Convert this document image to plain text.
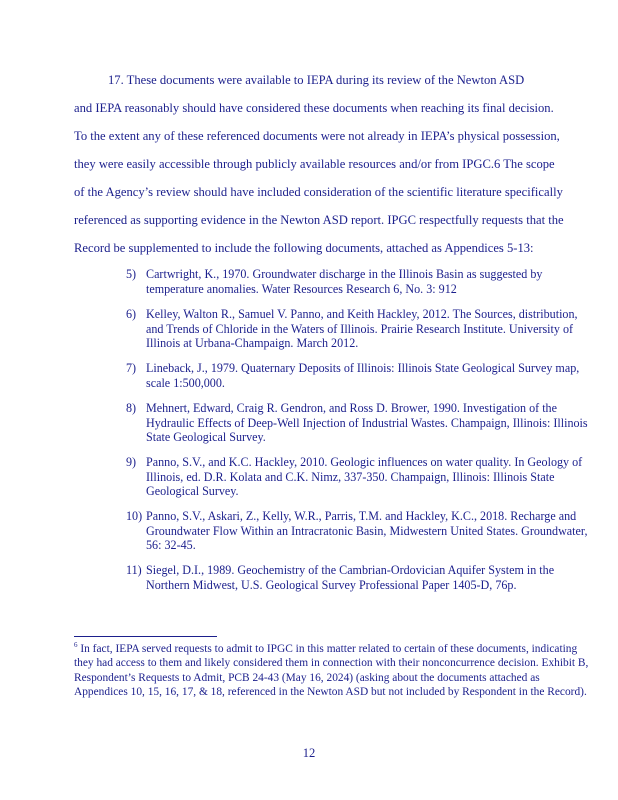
17. These documents were available to IEPA during its review of the Newton ASD
and IEPA reasonably should have considered these documents when reaching its final decision.
To the extent any of these referenced documents were not already in IEPA’s physical possession,
they were easily accessible through publicly available resources and/or from IPGC.6 The scope
of the Agency’s review should have included consideration of the scientific literature specifically
referenced as supporting evidence in the Newton ASD report. IPGC respectfully requests that the
Record be supplemented to include the following documents, attached as Appendices 5-13:
5) Cartwright, K., 1970. Groundwater discharge in the Illinois Basin as suggested by temperature anomalies. Water Resources Research 6, No. 3: 912
6) Kelley, Walton R., Samuel V. Panno, and Keith Hackley, 2012. The Sources, distribution, and Trends of Chloride in the Waters of Illinois. Prairie Research Institute. University of Illinois at Urbana-Champaign. March 2012.
7) Lineback, J., 1979. Quaternary Deposits of Illinois: Illinois State Geological Survey map, scale 1:500,000.
8) Mehnert, Edward, Craig R. Gendron, and Ross D. Brower, 1990. Investigation of the Hydraulic Effects of Deep-Well Injection of Industrial Wastes. Champaign, Illinois: Illinois State Geological Survey.
9) Panno, S.V., and K.C. Hackley, 2010. Geologic influences on water quality. In Geology of Illinois, ed. D.R. Kolata and C.K. Nimz, 337-350. Champaign, Illinois: Illinois State Geological Survey.
10) Panno, S.V., Askari, Z., Kelly, W.R., Parris, T.M. and Hackley, K.C., 2018. Recharge and Groundwater Flow Within an Intracratonic Basin, Midwestern United States. Groundwater, 56: 32-45.
11) Siegel, D.I., 1989. Geochemistry of the Cambrian-Ordovician Aquifer System in the Northern Midwest, U.S. Geological Survey Professional Paper 1405-D, 76p.
$^6$ In fact, IEPA served requests to admit to IPGC in this matter related to certain of these documents, indicating they had access to them and likely considered them in connection with their nonconcurrence decision. Exhibit B, Respondent’s Requests to Admit, PCB 24-43 (May 16, 2024) (asking about the documents attached as Appendices 10, 15, 16, 17, & 18, referenced in the Newton ASD but not included by Respondent in the Record).
12
